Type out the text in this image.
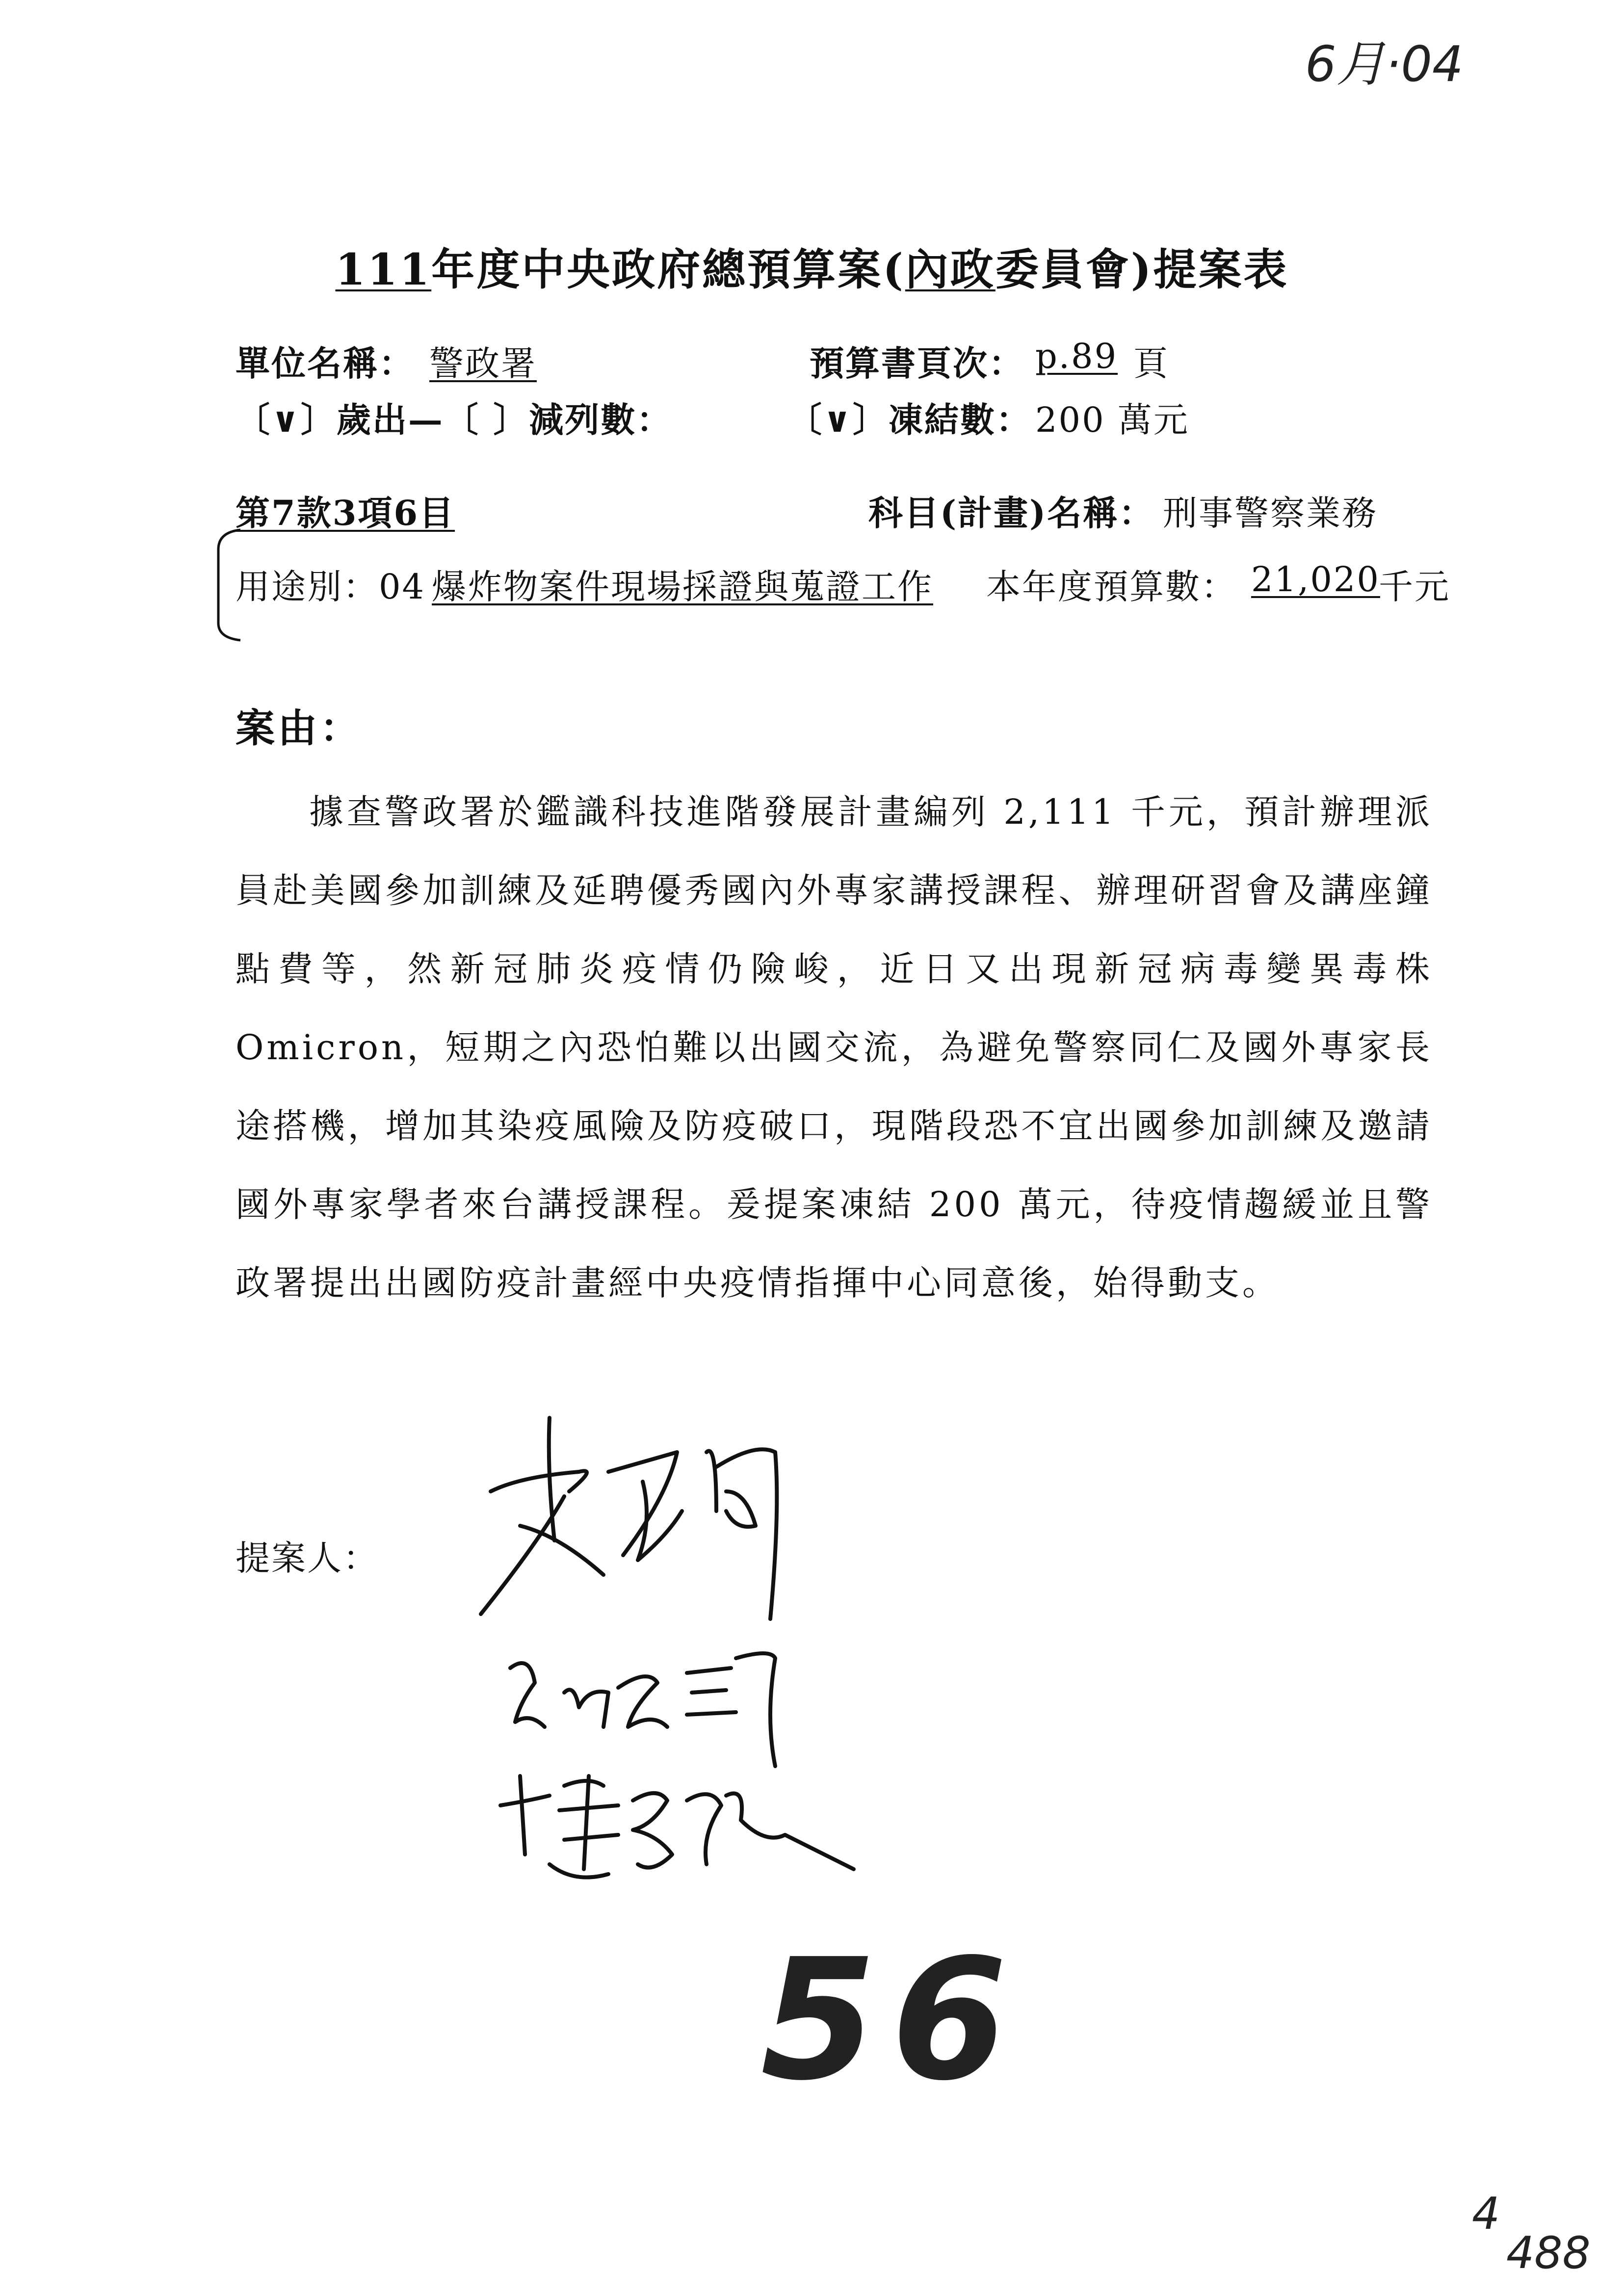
6月·04
111年度中央政府總預算案(內政委員會)提案表
單位名稱： 警政署	預算書頁次： p.89 頁
〔∨〕歲出—〔 〕減列數：	〔∨〕凍結數： 200 萬元
第7款3項6目	科目(計畫)名稱： 刑事警察業務
用途別：04 爆炸物案件現場採證與蒐證工作 本年度預算數： 21,020
千元
案由：
據查警政署於鑑識科技進階發展計畫編列 2,111 千元，預計辦理派員赴美國參加訓練及延聘優秀國內外專家講授課程、辦理研習會及講座鐘點費等，然新冠肺炎疫情仍險峻，近日又出現新冠病毒變異毒株Omicron，短期之內恐怕難以出國交流，為避免警察同仁及國外專家長途搭機，增加其染疫風險及防疫破口，現階段恐不宜出國參加訓練及邀請國外專家學者來台講授課程。爰提案凍結 200 萬元，待疫情趨緩並且警政署提出出國防疫計畫經中央疫情指揮中心同意後，始得動支。
提案人：
56
4
488
